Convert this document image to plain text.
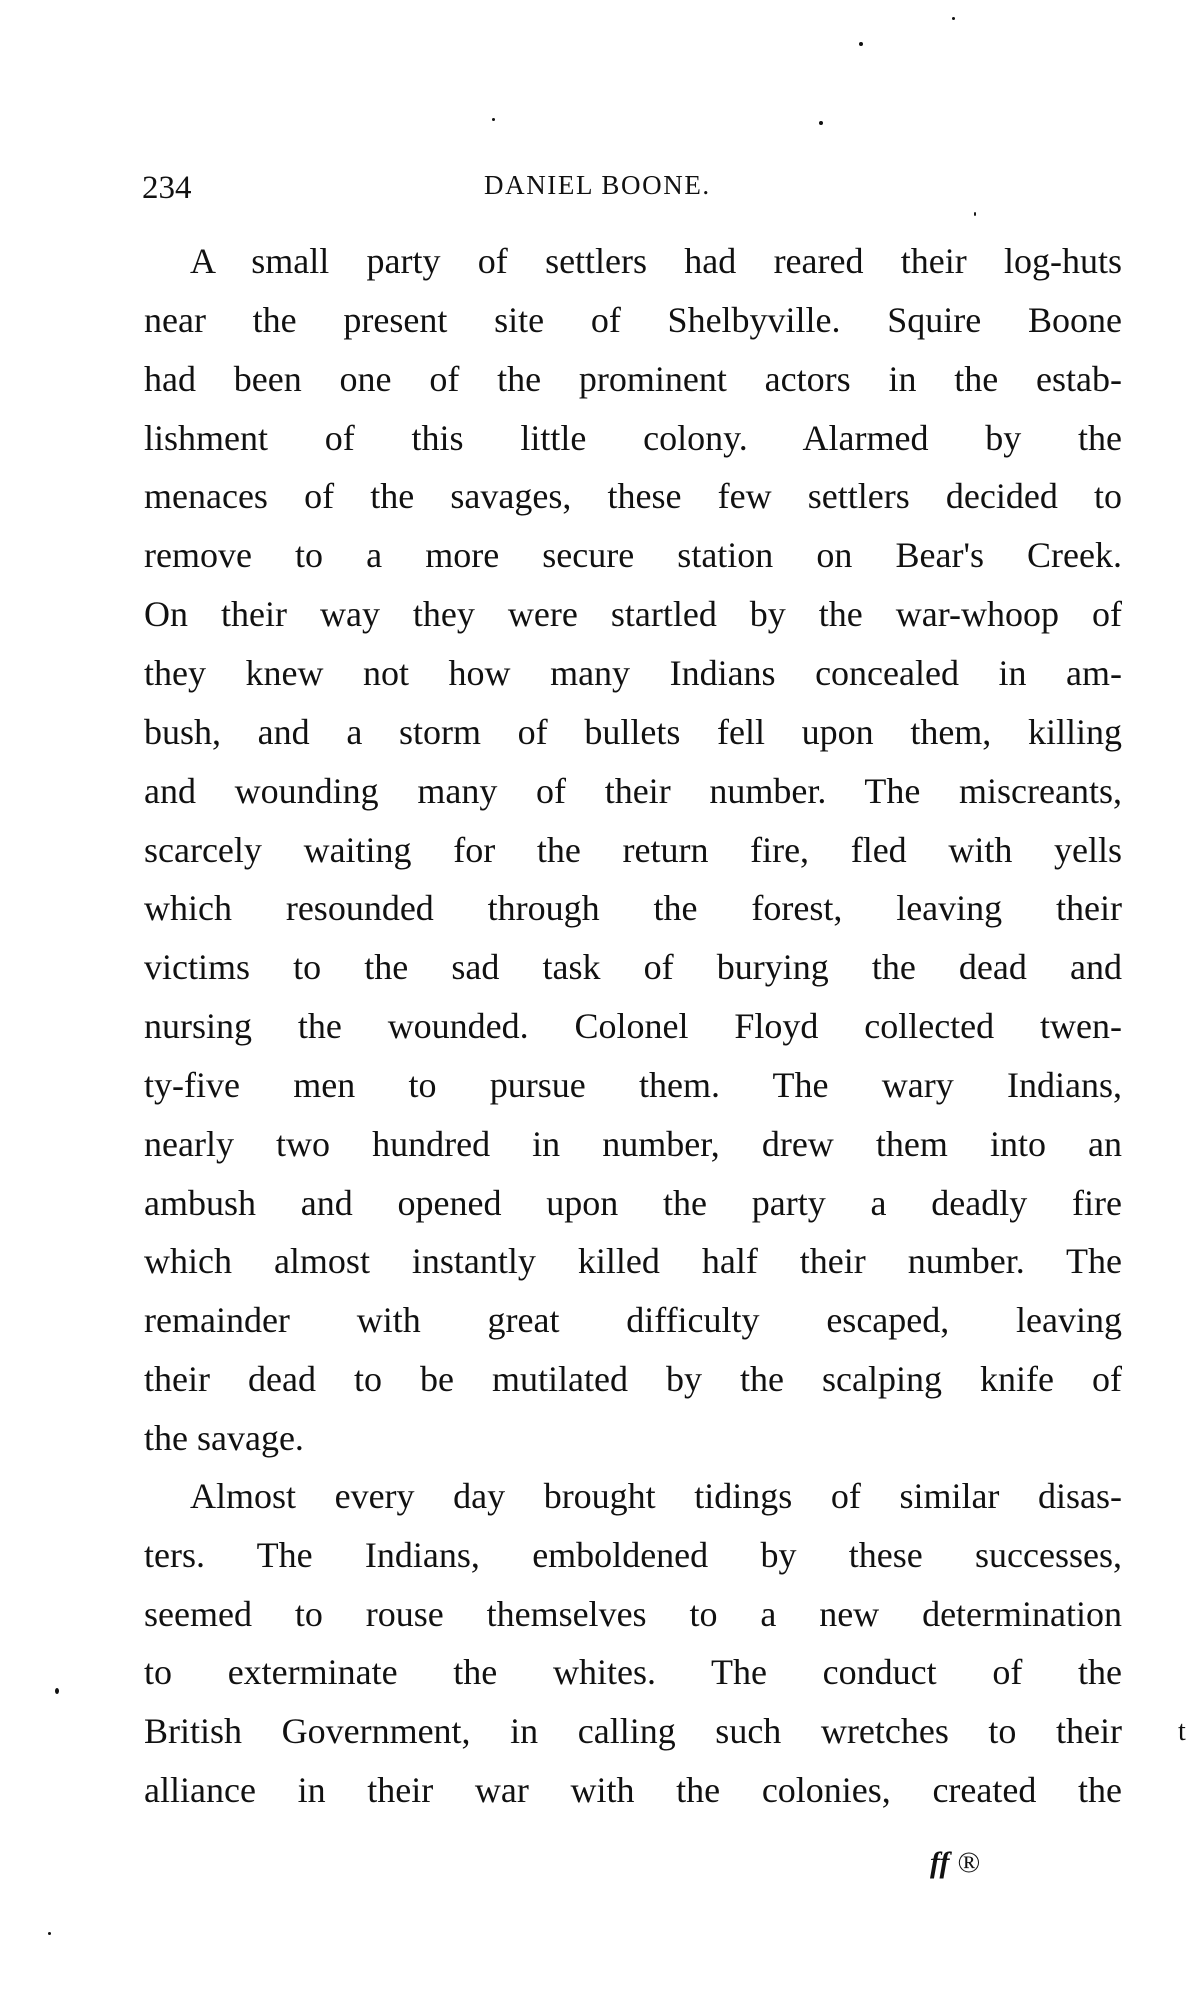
234	DANIEL BOONE.
A small party of settlers had reared their log-huts
near the present site of Shelbyville. Squire Boone
had been one of the prominent actors in the estab-
lishment of this little colony. Alarmed by the
menaces of the savages, these few settlers decided to
remove to a more secure station on Bear's Creek.
On their way they were startled by the war-whoop of
they knew not how many Indians concealed in am-
bush, and a storm of bullets fell upon them, killing
and wounding many of their number. The miscreants,
scarcely waiting for the return fire, fled with yells
which resounded through the forest, leaving their
victims to the sad task of burying the dead and
nursing the wounded. Colonel Floyd collected twen-
ty-five men to pursue them. The wary Indians,
nearly two hundred in number, drew them into an
ambush and opened upon the party a deadly fire
which almost instantly killed half their number. The
remainder with great difficulty escaped, leaving
their dead to be mutilated by the scalping knife of
the savage.
Almost every day brought tidings of similar disas-
ters. The Indians, emboldened by these successes,
seemed to rouse themselves to a new determination
to exterminate the whites. The conduct of the
British Government, in calling such wretches to their
alliance in their war with the colonies, created the
t
ff ®
